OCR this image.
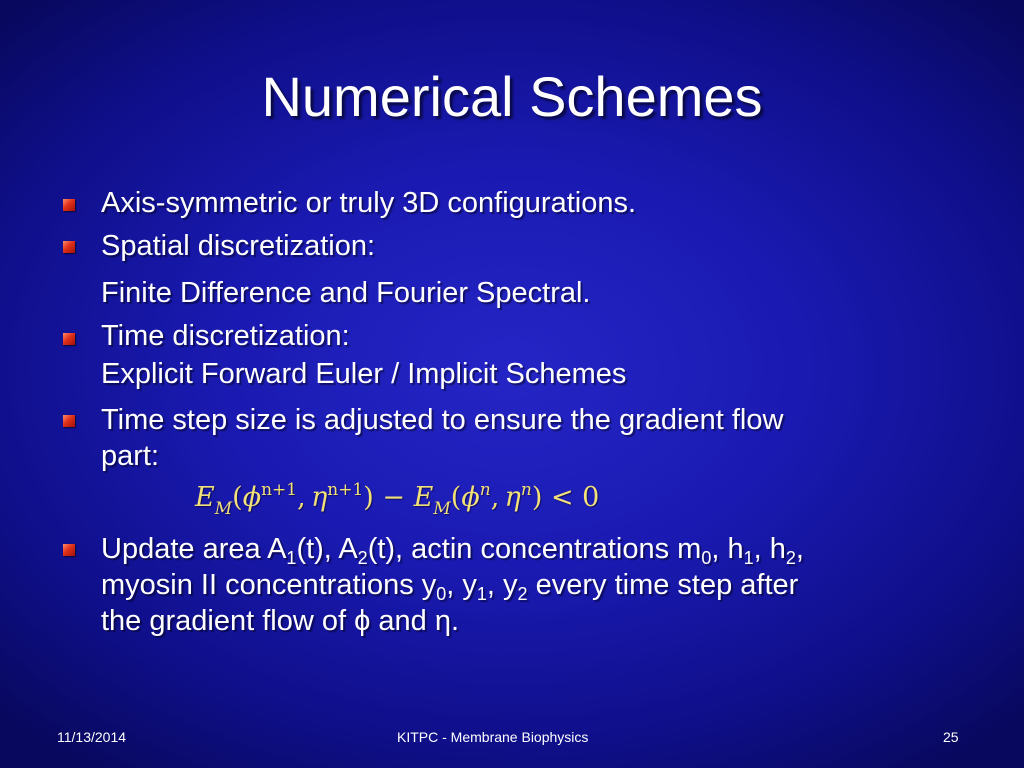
Numerical Schemes
Axis-symmetric or truly 3D configurations.
Spatial discretization:
Finite Difference and Fourier Spectral.
Time discretization:
Explicit Forward Euler / Implicit Schemes
Time step size is adjusted to ensure the gradient flow
part:
$E_M(\phi^{n+1}$, $\eta^{n+1}) - E_M(\phi^n$, $\eta^n) < 0$
Update area $A_1(t)$, $A_2(t)$, actin concentrations $m_0$, $h_1$, $h_2$,
myosin II concentrations $y_0$, $y_1$, $y_2$ every time step after
the gradient flow of ϕ and η.
11/13/2014	KITPC - Membrane Biophysics	25
